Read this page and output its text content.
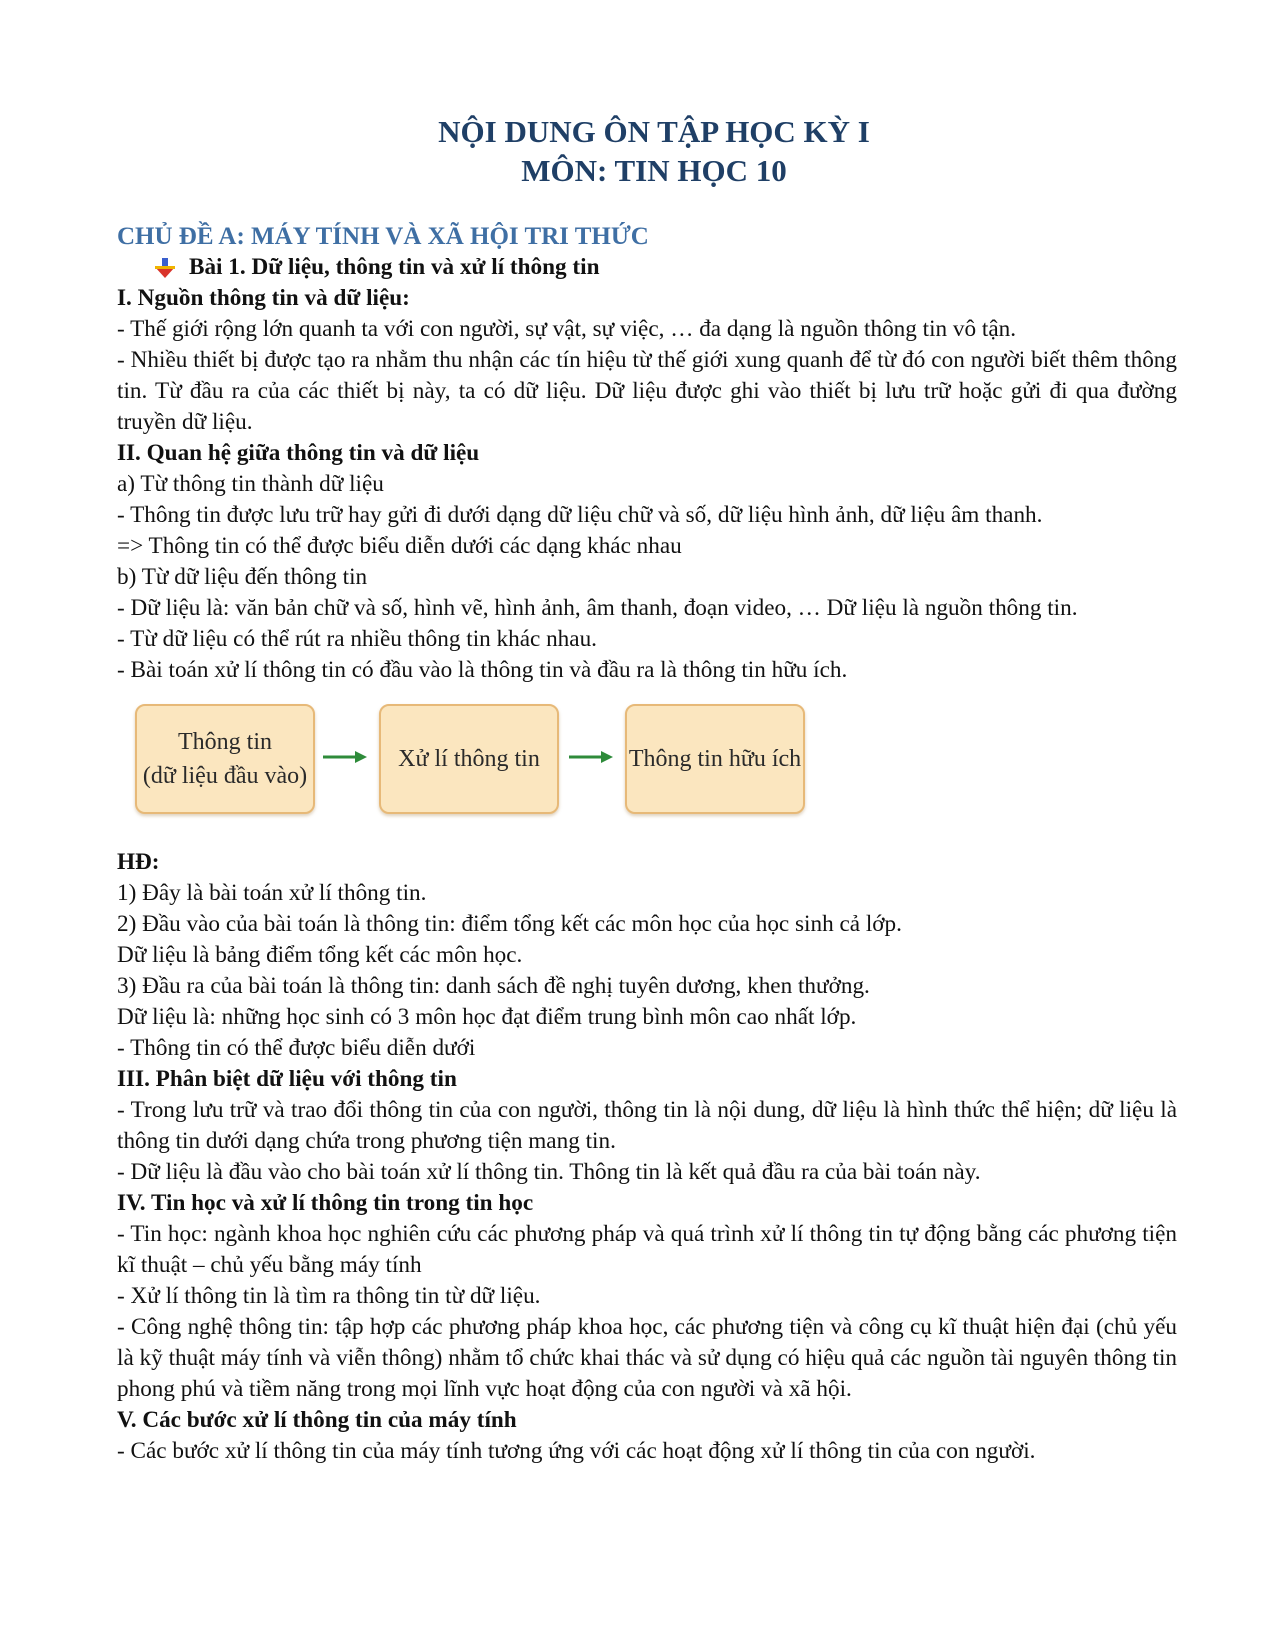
NỘI DUNG ÔN TẬP HỌC KỲ I
MÔN: TIN HỌC 10
CHỦ ĐỀ A: MÁY TÍNH VÀ XÃ HỘI TRI THỨC
Bài 1. Dữ liệu, thông tin và xử lí thông tin
I. Nguồn thông tin và dữ liệu:

- Thế giới rộng lớn quanh ta với con người, sự vật, sự việc, … đa dạng là nguồn thông tin vô tận.

- Nhiều thiết bị được tạo ra nhằm thu nhận các tín hiệu từ thế giới xung quanh để từ đó con người biết thêm thông tin. Từ đầu ra của các thiết bị này, ta có dữ liệu. Dữ liệu được ghi vào thiết bị lưu trữ hoặc gửi đi qua đường truyền dữ liệu.

II. Quan hệ giữa thông tin và dữ liệu

a) Từ thông tin thành dữ liệu

- Thông tin được lưu trữ hay gửi đi dưới dạng dữ liệu chữ và số, dữ liệu hình ảnh, dữ liệu âm thanh.

=> Thông tin có thể được biểu diễn dưới các dạng khác nhau

b) Từ dữ liệu đến thông tin

- Dữ liệu là: văn bản chữ và số, hình vẽ, hình ảnh, âm thanh, đoạn video, … Dữ liệu là nguồn thông tin.

- Từ dữ liệu có thể rút ra nhiều thông tin khác nhau.

- Bài toán xử lí thông tin có đầu vào là thông tin và đầu ra là thông tin hữu ích.

Thông tin
(dữ liệu đầu vào)
Xử lí thông tin	Thông tin hữu ích
HĐ:

1) Đây là bài toán xử lí thông tin.

2) Đầu vào của bài toán là thông tin: điểm tổng kết các môn học của học sinh cả lớp.

Dữ liệu là bảng điểm tổng kết các môn học.

3) Đầu ra của bài toán là thông tin: danh sách đề nghị tuyên dương, khen thưởng.

Dữ liệu là: những học sinh có 3 môn học đạt điểm trung bình môn cao nhất lớp.

- Thông tin có thể được biểu diễn dưới

III. Phân biệt dữ liệu với thông tin

- Trong lưu trữ và trao đổi thông tin của con người, thông tin là nội dung, dữ liệu là hình thức thể hiện; dữ liệu là thông tin dưới dạng chứa trong phương tiện mang tin.

- Dữ liệu là đầu vào cho bài toán xử lí thông tin. Thông tin là kết quả đầu ra của bài toán này.

IV. Tin học và xử lí thông tin trong tin học

- Tin học: ngành khoa học nghiên cứu các phương pháp và quá trình xử lí thông tin tự động bằng các phương tiện kĩ thuật – chủ yếu bằng máy tính

- Xử lí thông tin là tìm ra thông tin từ dữ liệu.

- Công nghệ thông tin: tập hợp các phương pháp khoa học, các phương tiện và công cụ kĩ thuật hiện đại (chủ yếu là kỹ thuật máy tính và viễn thông) nhằm tổ chức khai thác và sử dụng có hiệu quả các nguồn tài nguyên thông tin phong phú và tiềm năng trong mọi lĩnh vực hoạt động của con người và xã hội.

V. Các bước xử lí thông tin của máy tính

- Các bước xử lí thông tin của máy tính tương ứng với các hoạt động xử lí thông tin của con người.
